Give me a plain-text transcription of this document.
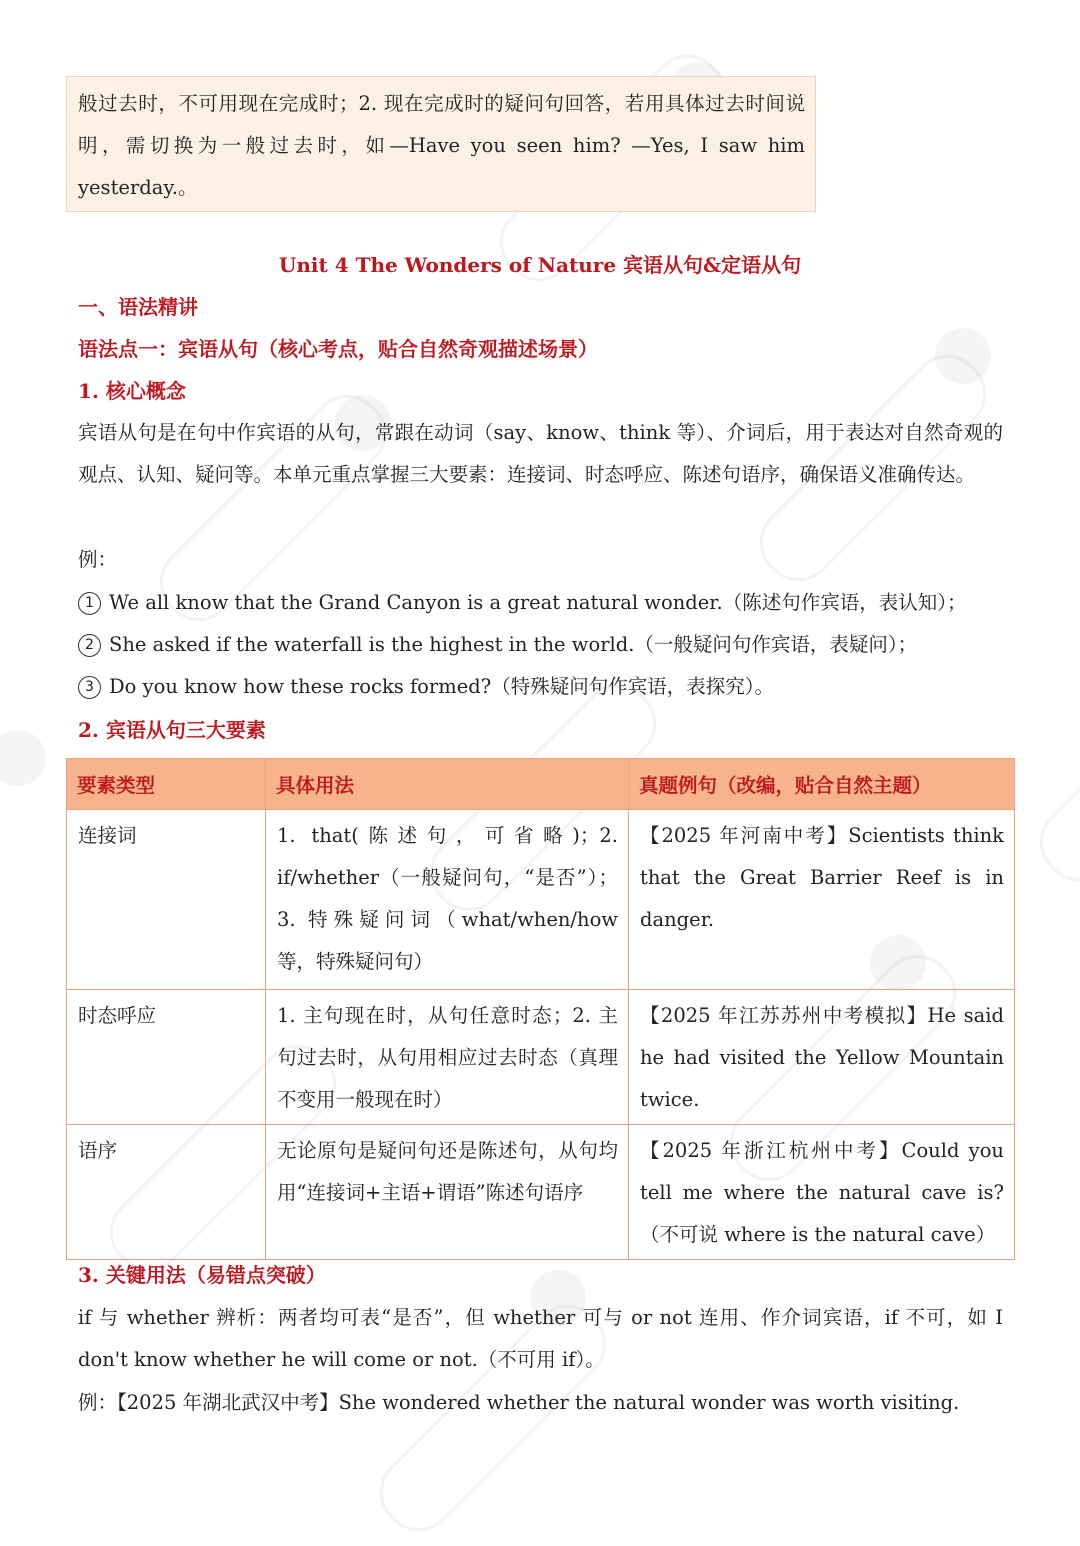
般过去时，不可用现在完成时；2. 现在完成时的疑问句回答，若用具体过去时间说明，需切换为一般过去时，如—Have you seen him? —Yes, I saw him yesterday.。
Unit 4 The Wonders of Nature 宾语从句&定语从句
一、语法精讲
语法点一：宾语从句（核心考点，贴合自然奇观描述场景）
1. 核心概念
宾语从句是在句中作宾语的从句，常跟在动词（say、know、think 等）、介词后，用于表达对自然奇观的观点、认知、疑问等。本单元重点掌握三大要素：连接词、时态呼应、陈述句语序，确保语义准确传达。
例：
1 We all know that the Grand Canyon is a great natural wonder.（陈述句作宾语，表认知）；
2 She asked if the waterfall is the highest in the world.（一般疑问句作宾语，表疑问）；
3 Do you know how these rocks formed?（特殊疑问句作宾语，表探究）。
2. 宾语从句三大要素
要素类型	具体用法	真题例句（改编，贴合自然主题）
连接词	1. that(陈述句，可省略)；2. if/whether（一般疑问句，“是否”）；3. 特殊疑问词（what/when/how 等，特殊疑问句）	【2025 年河南中考】Scientists think that the Great Barrier Reef is in danger.
时态呼应	1. 主句现在时，从句任意时态；2. 主句过去时，从句用相应过去时态（真理不变用一般现在时）	【2025 年江苏苏州中考模拟】He said he had visited the Yellow Mountain twice.
语序	无论原句是疑问句还是陈述句，从句均用“连接词+主语+谓语”陈述句语序	【2025 年浙江杭州中考】Could you tell me where the natural cave is?（不可说 where is the natural cave）
3. 关键用法（易错点突破）
if 与 whether 辨析：两者均可表“是否”，但 whether 可与 or not 连用、作介词宾语，if 不可，如 I don't know whether he will come or not.（不可用 if）。
例：【2025 年湖北武汉中考】She wondered whether the natural wonder was worth visiting.
